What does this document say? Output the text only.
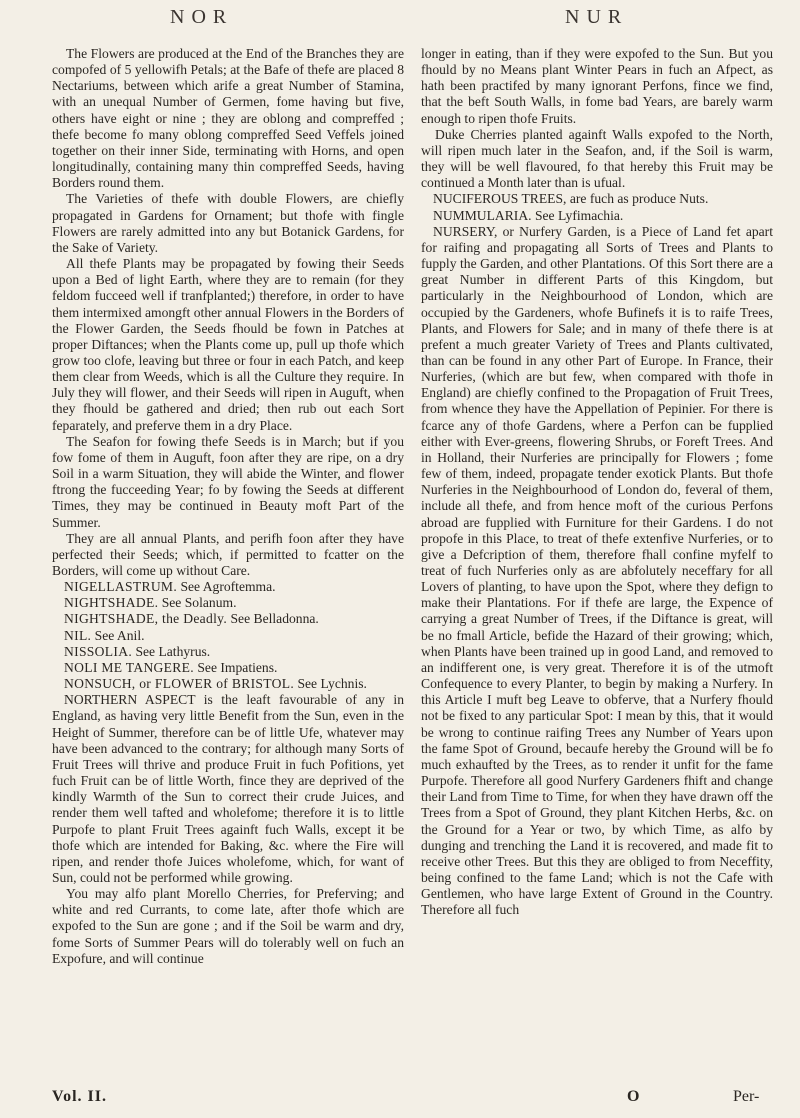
NOR	NUR

The Flowers are produced at the End of the Branches they are compofed of 5 yellowifh Petals; at the Bafe of thefe are placed 8 Nectariums, between which arife a great Number of Stamina, with an unequal Number of Germen, fome having but five, others have eight or nine ; they are oblong and compreffed ; thefe become fo many oblong compreffed Seed Veffels joined together on their inner Side, terminating with Horns, and open longitudinally, containing many thin compreffed Seeds, having Borders round them.

The Varieties of thefe with double Flowers, are chiefly propagated in Gardens for Ornament; but thofe with fingle Flowers are rarely admitted into any but Botanick Gardens, for the Sake of Variety.

All thefe Plants may be propagated by fowing their Seeds upon a Bed of light Earth, where they are to remain (for they feldom fucceed well if tranfplanted;) therefore, in order to have them intermixed amongft other annual Flowers in the Borders of the Flower Garden, the Seeds fhould be fown in Patches at proper Diftances; when the Plants come up, pull up thofe which grow too clofe, leaving but three or four in each Patch, and keep them clear from Weeds, which is all the Culture they require. In July they will flower, and their Seeds will ripen in Auguft, when they fhould be gathered and dried; then rub out each Sort feparately, and preferve them in a dry Place.

The Seafon for fowing thefe Seeds is in March; but if you fow fome of them in Auguft, foon after they are ripe, on a dry Soil in a warm Situation, they will abide the Winter, and flower ftrong the fucceeding Year; fo by fowing the Seeds at different Times, they may be continued in Beauty moft Part of the Summer.

They are all annual Plants, and perifh foon after they have perfected their Seeds; which, if permitted to fcatter on the Borders, will come up without Care.

NIGELLASTRUM. See Agroftemma.

NIGHTSHADE. See Solanum.

NIGHTSHADE, the Deadly. See Belladonna.

NIL. See Anil.

NISSOLIA. See Lathyrus.

NOLI ME TANGERE. See Impatiens.

NONSUCH, or FLOWER of BRISTOL. See Lychnis.

NORTHERN ASPECT is the leaft favourable of any in England, as having very little Benefit from the Sun, even in the Height of Summer, therefore can be of little Ufe, whatever may have been advanced to the contrary; for although many Sorts of Fruit Trees will thrive and produce Fruit in fuch Pofitions, yet fuch Fruit can be of little Worth, fince they are deprived of the kindly Warmth of the Sun to correct their crude Juices, and render them well tafted and wholefome; therefore it is to little Purpofe to plant Fruit Trees againft fuch Walls, except it be thofe which are intended for Baking, &c. where the Fire will ripen, and render thofe Juices wholefome, which, for want of Sun, could not be performed while growing.

You may alfo plant Morello Cherries, for Preferving; and white and red Currants, to come late, after thofe which are expofed to the Sun are gone ; and if the Soil be warm and dry, fome Sorts of Summer Pears will do tolerably well on fuch an Expofure, and will continue

longer in eating, than if they were expofed to the Sun. But you fhould by no Means plant Winter Pears in fuch an Afpect, as hath been practifed by many ignorant Perfons, fince we find, that the beft South Walls, in fome bad Years, are barely warm enough to ripen thofe Fruits.

Duke Cherries planted againft Walls expofed to the North, will ripen much later in the Seafon, and, if the Soil is warm, they will be well flavoured, fo that hereby this Fruit may be continued a Month later than is ufual.

NUCIFEROUS TREES, are fuch as produce Nuts.

NUMMULARIA. See Lyfimachia.

NURSERY, or Nurfery Garden, is a Piece of Land fet apart for raifing and propagating all Sorts of Trees and Plants to fupply the Garden, and other Plantations. Of this Sort there are a great Number in different Parts of this Kingdom, but particularly in the Neighbourhood of London, which are occupied by the Gardeners, whofe Bufinefs it is to raife Trees, Plants, and Flowers for Sale; and in many of thefe there is at prefent a much greater Variety of Trees and Plants cultivated, than can be found in any other Part of Europe. In France, their Nurferies, (which are but few, when compared with thofe in England) are chiefly confined to the Propagation of Fruit Trees, from whence they have the Appellation of Pepinier. For there is fcarce any of thofe Gardens, where a Perfon can be fupplied either with Ever-greens, flowering Shrubs, or Foreft Trees. And in Holland, their Nurferies are principally for Flowers ; fome few of them, indeed, propagate tender exotick Plants. But thofe Nurferies in the Neighbourhood of London do, feveral of them, include all thefe, and from hence moft of the curious Perfons abroad are fupplied with Furniture for their Gardens. I do not propofe in this Place, to treat of thefe extenfive Nurferies, or to give a Defcription of them, therefore fhall confine myfelf to treat of fuch Nurferies only as are abfolutely neceffary for all Lovers of planting, to have upon the Spot, where they defign to make their Plantations. For if thefe are large, the Expence of carrying a great Number of Trees, if the Diftance is great, will be no fmall Article, befide the Hazard of their growing; which, when Plants have been trained up in good Land, and removed to an indifferent one, is very great. Therefore it is of the utmoft Confequence to every Planter, to begin by making a Nurfery. In this Article I muft beg Leave to obferve, that a Nurfery fhould not be fixed to any particular Spot: I mean by this, that it would be wrong to continue raifing Trees any Number of Years upon the fame Spot of Ground, becaufe hereby the Ground will be fo much exhaufted by the Trees, as to render it unfit for the fame Purpofe. Therefore all good Nurfery Gardeners fhift and change their Land from Time to Time, for when they have drawn off the Trees from a Spot of Ground, they plant Kitchen Herbs, &c. on the Ground for a Year or two, by which Time, as alfo by dunging and trenching the Land it is recovered, and made fit to receive other Trees. But this they are obliged to from Neceffity, being confined to the fame Land; which is not the Cafe with Gentlemen, who have large Extent of Ground in the Country. Therefore all fuch

Vol. II.	O	Per-
